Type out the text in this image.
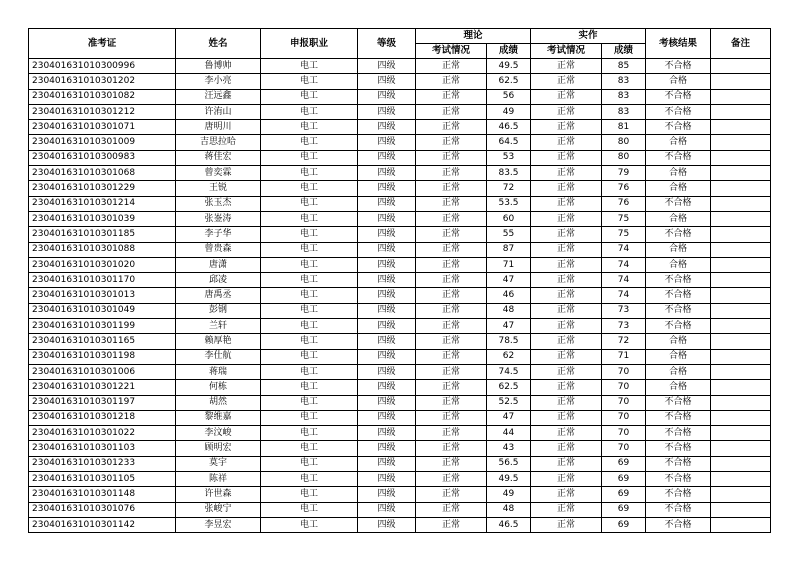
准考证	姓名	申报职业	等级	理论		实作		考核结果	备注
				考试情况	成绩	考试情况	成绩		
230401631010300996	鲁博帅	电工	四级	正常	49.5	正常	85	不合格	
230401631010301202	李小亮	电工	四级	正常	62.5	正常	83	合格	
230401631010301082	汪远鑫	电工	四级	正常	56	正常	83	不合格	
230401631010301212	许洧山	电工	四级	正常	49	正常	83	不合格	
230401631010301071	唐明川	电工	四级	正常	46.5	正常	81	不合格	
230401631010301009	吉思拉哈	电工	四级	正常	64.5	正常	80	合格	
230401631010300983	蒋佳宏	电工	四级	正常	53	正常	80	不合格	
230401631010301068	曾奕霖	电工	四级	正常	83.5	正常	79	合格	
230401631010301229	王锐	电工	四级	正常	72	正常	76	合格	
230401631010301214	张玉杰	电工	四级	正常	53.5	正常	76	不合格	
230401631010301039	张崟涛	电工	四级	正常	60	正常	75	合格	
230401631010301185	李子华	电工	四级	正常	55	正常	75	不合格	
230401631010301088	曾贵森	电工	四级	正常	87	正常	74	合格	
230401631010301020	唐潇	电工	四级	正常	71	正常	74	合格	
230401631010301170	邱凌	电工	四级	正常	47	正常	74	不合格	
230401631010301013	唐禹丞	电工	四级	正常	46	正常	74	不合格	
230401631010301049	彭钢	电工	四级	正常	48	正常	73	不合格	
230401631010301199	兰轩	电工	四级	正常	47	正常	73	不合格	
230401631010301165	赖厚艳	电工	四级	正常	78.5	正常	72	合格	
230401631010301198	李仕航	电工	四级	正常	62	正常	71	合格	
230401631010301006	蒋瑞	电工	四级	正常	74.5	正常	70	合格	
230401631010301221	何栋	电工	四级	正常	62.5	正常	70	合格	
230401631010301197	胡然	电工	四级	正常	52.5	正常	70	不合格	
230401631010301218	黎维嘉	电工	四级	正常	47	正常	70	不合格	
230401631010301022	李汶峻	电工	四级	正常	44	正常	70	不合格	
230401631010301103	顾明宏	电工	四级	正常	43	正常	70	不合格	
230401631010301233	莫宇	电工	四级	正常	56.5	正常	69	不合格	
230401631010301105	陈祥	电工	四级	正常	49.5	正常	69	不合格	
230401631010301148	许世森	电工	四级	正常	49	正常	69	不合格	
230401631010301076	张峻宁	电工	四级	正常	48	正常	69	不合格	
230401631010301142	李昱宏	电工	四级	正常	46.5	正常	69	不合格	
